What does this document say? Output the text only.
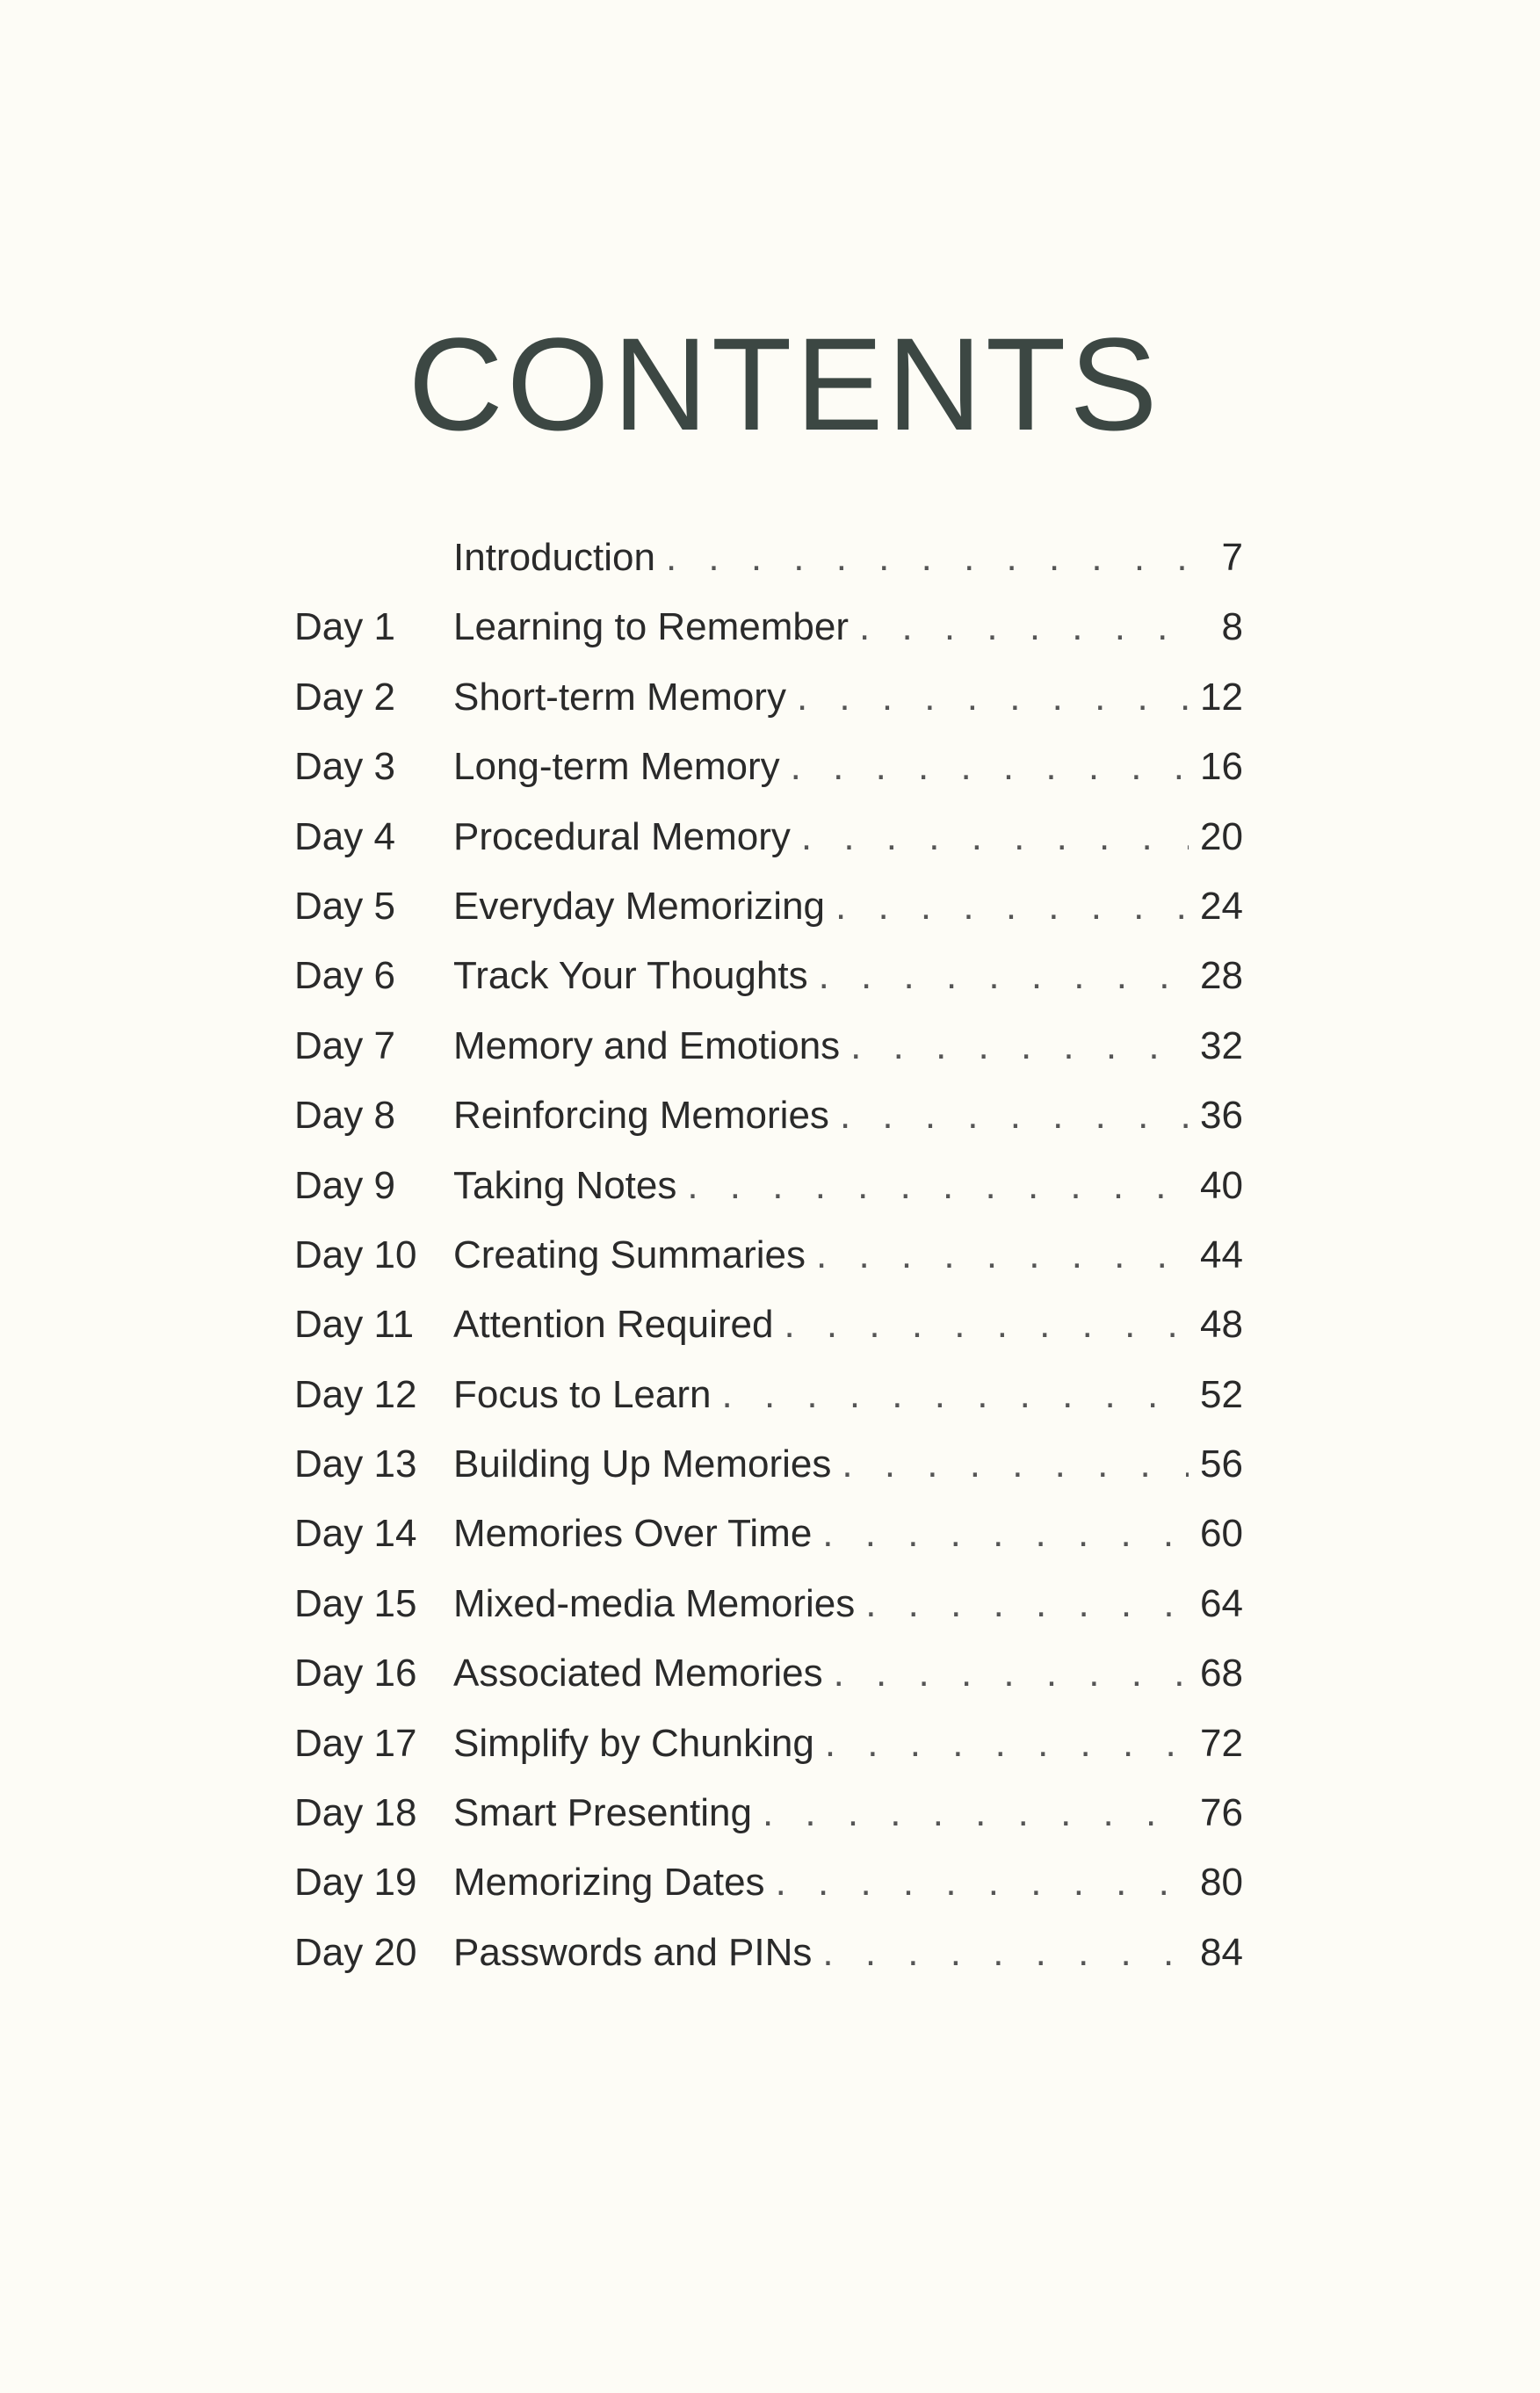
CONTENTS
Introduction . . .	7
Day 1	Learning to Remember . . .	8
Day 2	Short-term Memory . . .	12
Day 3	Long-term Memory . . .	16
Day 4	Procedural Memory . . .	20
Day 5	Everyday Memorizing . . .	24
Day 6	Track Your Thoughts . . .	28
Day 7	Memory and Emotions . . .	32
Day 8	Reinforcing Memories . . .	36
Day 9	Taking Notes . . .	40
Day 10 Creating Summaries . . .	44
Day 11	Attention Required . . .	48
Day 12 Focus to Learn . . .	52
Day 13 Building Up Memories . . .	56
Day 14 Memories Over Time . . .	60
Day 15 Mixed-media Memories . . .	64
Day 16 Associated Memories . . .	68
Day 17 Simplify by Chunking . . .	72
Day 18 Smart Presenting . . .	76
Day 19 Memorizing Dates . . .	80
Day 20 Passwords and PINs . . .	84
